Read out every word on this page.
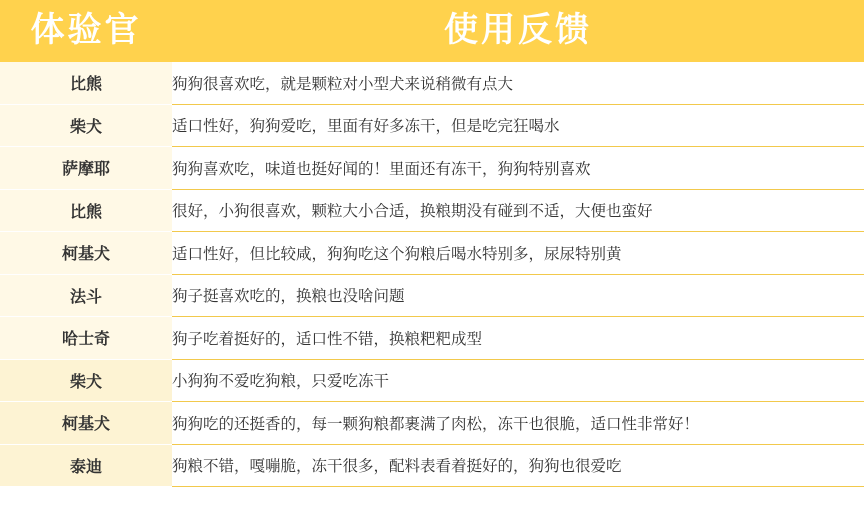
体验官	使用反馈
比熊	狗狗很喜欢吃，就是颗粒对小型犬来说稍微有点大
柴犬	适口性好，狗狗爱吃，里面有好多冻干，但是吃完狂喝水
萨摩耶	狗狗喜欢吃，味道也挺好闻的！里面还有冻干，狗狗特别喜欢
比熊	很好，小狗很喜欢，颗粒大小合适，换粮期没有碰到不适，大便也蛮好
柯基犬	适口性好，但比较咸，狗狗吃这个狗粮后喝水特别多，尿尿特别黄
法斗	狗子挺喜欢吃的，换粮也没啥问题
哈士奇	狗子吃着挺好的，适口性不错，换粮粑粑成型
柴犬	小狗狗不爱吃狗粮，只爱吃冻干
柯基犬	狗狗吃的还挺香的，每一颗狗粮都裹满了肉松，冻干也很脆，适口性非常好！
泰迪	狗粮不错，嘎嘣脆，冻干很多，配料表看着挺好的，狗狗也很爱吃
